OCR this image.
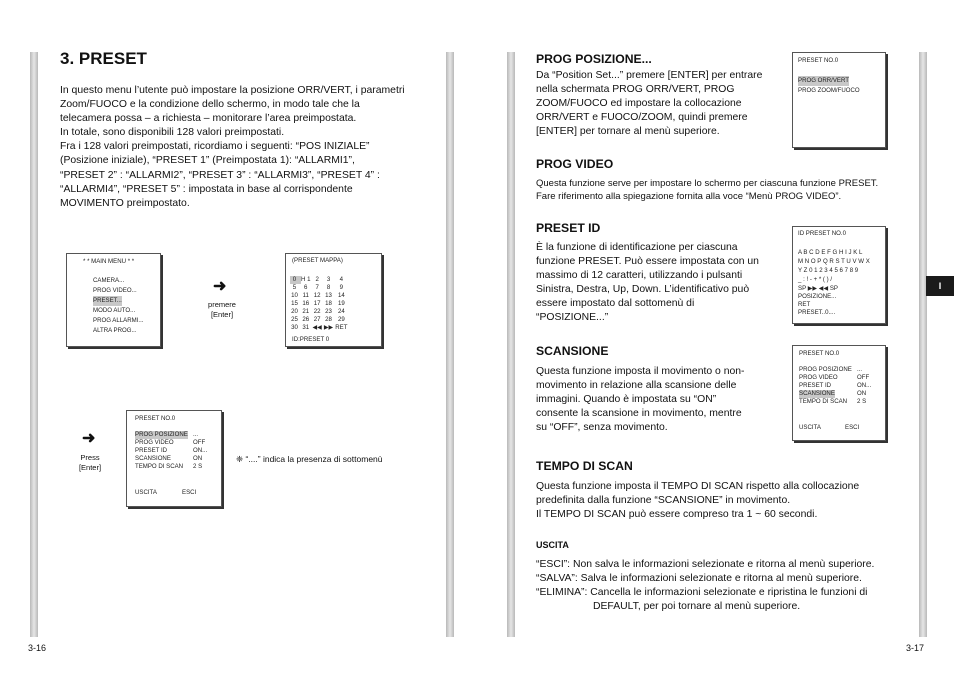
3. PRESET

In questo menu l’utente può impostare la posizione ORR/VERT, i parametri
Zoom/FUOCO e la condizione dello schermo, in modo tale che la
telecamera possa – a richiesta – monitorare l’area preimpostata.
In totale, sono disponibili 128 valori preimpostati.
Fra i 128 valori preimpostati, ricordiamo i seguenti: “POS INIZIALE”
(Posizione iniziale), “PRESET 1” (Preimpostata 1): “ALLARMI1”,
“PRESET 2” : “ALLARMI2”, “PRESET 3” : “ALLARMI3”, “PRESET 4” :
“ALLARMI4”, “PRESET 5” : impostata in base al corrispondente
MOVIMENTO preimpostato.

* * MAIN MENU * *
CAMERA...
PROG VIDEO...
PRESET...
MODO AUTO...
PROG ALLARMI...
ALTRA PROG...
➜
premere
[Enter]
(PRESET MAPPA)
0	H 1	2	3	4
5	6	7	8	9
10	11	12	13	14
15	16	17	18	19
20	21	22	23	24
25	26	27	28	29
30	31	◀◀	▶▶	RET
ID:PRESET 0
➜
Press
[Enter]
PRESET NO.0
PROG POSIZIONE ...
PROG VIDEO	OFF
PRESET ID	ON...
SCANSIONE	ON
TEMPO DI SCAN 2 S
USCITA	ESCI
❈ “....” indica la presenza di sottomenù
3-16
PROG POSIZIONE...

Da “Position Set...” premere [ENTER] per entrare
nella schermata PROG ORR/VERT, PROG
ZOOM/FUOCO ed impostare la collocazione
ORR/VERT e FUOCO/ZOOM, quindi premere
[ENTER] per tornare al menù superiore.

PRESET NO.0
PROG ORR/VERT
PROG ZOOM/FUOCO
PROG VIDEO

Questa funzione serve per impostare lo schermo per ciascuna funzione PRESET.
Fare riferimento alla spiegazione fornita alla voce “Menù PROG VIDEO”.

PRESET ID

È la funzione di identificazione per ciascuna
funzione PRESET. Può essere impostata con un
massimo di 12 caratteri, utilizzando i pulsanti
Sinistra, Destra, Up, Down. L’identificativo può
essere impostato dal sottomenù di
“POSIZIONE...”

ID PRESET NO.0
A B C D E F G H I J K L
M N O P Q R S T U V W X
Y Z 0 1 2 3 4 5 6 7 8 9
_ : ! - + * ( ) /
SP ▶▶ ◀◀ SP
POSIZIONE...
RET
PRESET..0....
SCANSIONE

Questa funzione imposta il movimento o non-
movimento in relazione alla scansione delle
immagini. Quando è impostata su “ON”
consente la scansione in movimento, mentre
su “OFF”, senza movimento.

PRESET NO.0
PROG POSIZIONE ...
PROG VIDEO	OFF
PRESET ID	ON...
SCANSIONE	ON
TEMPO DI SCAN 2 S
USCITA	ESCI
TEMPO DI SCAN

Questa funzione imposta il TEMPO DI SCAN rispetto alla collocazione
predefinita dalla funzione “SCANSIONE” in movimento.
Il TEMPO DI SCAN può essere compreso tra 1 ~ 60 secondi.

USCITA
“ESCI”: Non salva le informazioni selezionate e ritorna al menù superiore.
“SALVA”: Salva le informazioni selezionate e ritorna al menù superiore.
“ELIMINA”: Cancella le informazioni selezionate e ripristina le funzioni di
DEFAULT, per poi tornare al menù superiore.
I
3-17
